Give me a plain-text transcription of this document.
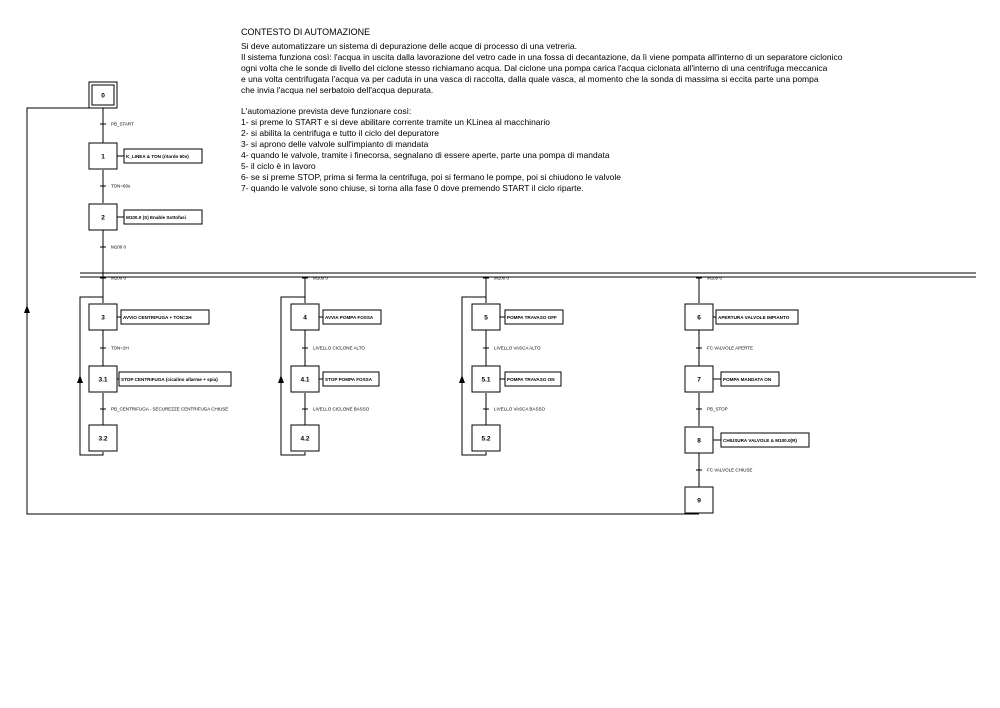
CONTESTO DI AUTOMAZIONE
Si deve automatizzare un sistema di depurazione delle acque di processo di una vetreria.
Il sistema funziona così: l'acqua in uscita dalla lavorazione del vetro cade in una fossa di decantazione, da lì viene pompata all'interno di un separatore ciclonico
ogni volta che le sonde di livello del ciclone stesso richiamano acqua. Dal ciclone una pompa carica l'acqua ciclonata all'interno di una centrifuga meccanica
e una volta centrifugata l'acqua va per caduta in una vasca di raccolta, dalla quale vasca, al momento che la sonda di massima si eccita parte una pompa
che invia l'acqua nel serbatoio dell'acqua depurata.
L'automazione prevista deve funzionare così:
1- si preme lo START e si deve abilitare corrente tramite un KLinea al macchinario
2- si abilita la centrifuga e tutto il ciclo del depuratore
3- si aprono delle valvole sull'impianto di mandata
4- quando le valvole, tramite i finecorsa, segnalano di essere aperte, parte una pompa di mandata
5- il ciclo è in lavoro
6- se si preme STOP, prima si ferma la centrifuga, poi si fermano le pompe, poi si chiudono le valvole
7- quando le valvole sono chiuse, si torna alla fase 0 dove premendo START il ciclo riparte.
0
1	K_LINEA & TON (ritardo 60s)
2	M100.0 (S) Enable Sottofasi
3	AVVIO CENTRIFUGA + TON=2H
3.1	STOP CENTRIFUGA (cicalino allarme + spia)
3.2
4	AVVIA POMPA FOSSA
4.1	STOP POMPA FOSSA
4.2
5	POMPA TRAVASO OFF
5.1	POMPA TRAVASO ON
5.2
6	APERTURA VALVOLE IMPIANTO
7	POMPA MANDATA ON
8	CHIUSURA VALVOLE & M100.0(R)
9
PB_START
TON=60s
M100 0
M100 0	M100 0	M100 0	M100 0
TON=2H
PB_CENTRIFUGA - SECUREZZE CENTRIFUGA CHIUSE
LIVELLO CICLONE ALTO
LIVELLO CICLONE BASSO
LIVELLO VASCA ALTO
LIVELLO VASCA BASSO
FC VALVOLE APERTE
PB_STOP
FC VALVOLE CHIUSE
